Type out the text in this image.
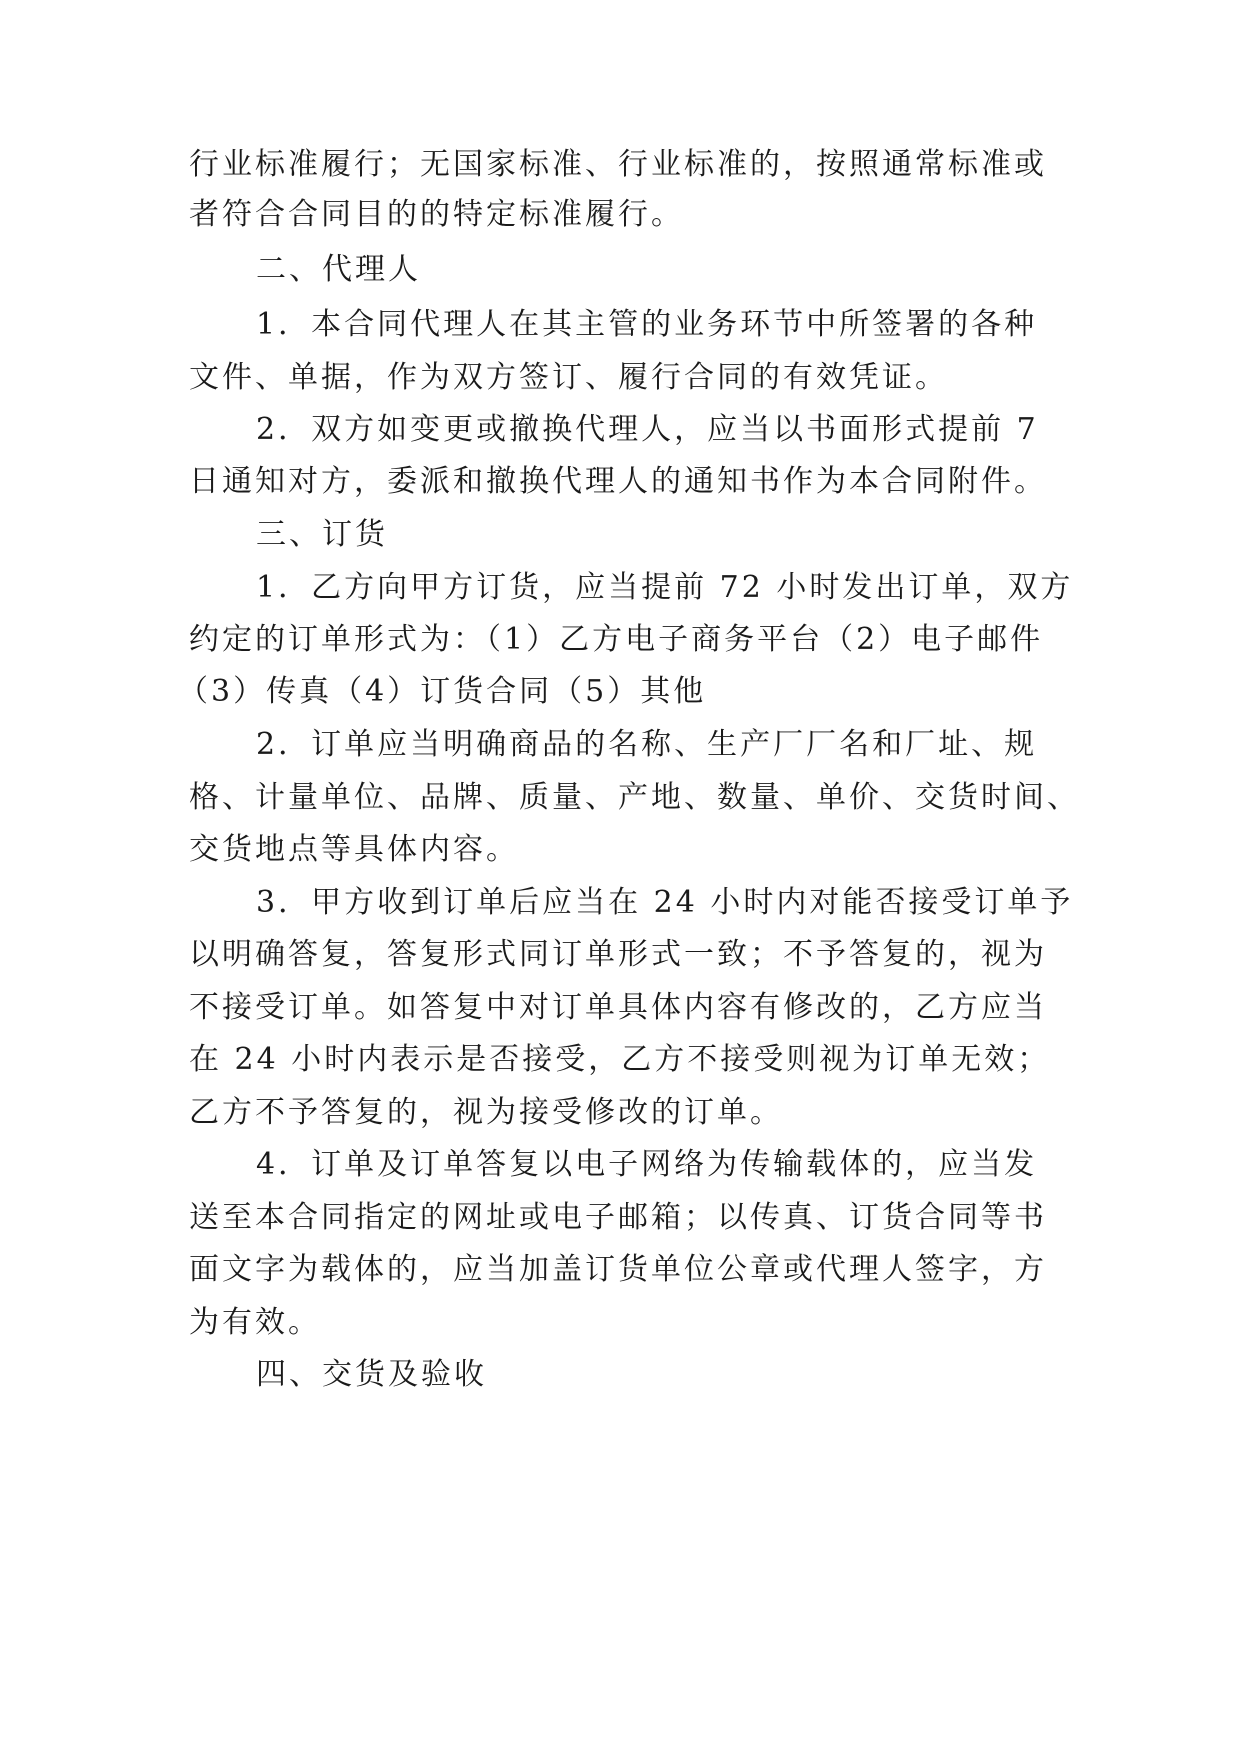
行业标准履行；无国家标准、行业标准的，按照通常标准或
者符合合同目的的特定标准履行。
二、代理人
1．本合同代理人在其主管的业务环节中所签署的各种
文件、单据，作为双方签订、履行合同的有效凭证。
2．双方如变更或撤换代理人，应当以书面形式提前 7
日通知对方，委派和撤换代理人的通知书作为本合同附件。
三、订货
1．乙方向甲方订货，应当提前 72 小时发出订单，双方
约定的订单形式为：（1）乙方电子商务平台（2）电子邮件
（3）传真（4）订货合同（5）其他
2．订单应当明确商品的名称、生产厂厂名和厂址、规
格、计量单位、品牌、质量、产地、数量、单价、交货时间、
交货地点等具体内容。
3．甲方收到订单后应当在 24 小时内对能否接受订单予
以明确答复，答复形式同订单形式一致；不予答复的，视为
不接受订单。如答复中对订单具体内容有修改的，乙方应当
在 24 小时内表示是否接受，乙方不接受则视为订单无效；
乙方不予答复的，视为接受修改的订单。
4．订单及订单答复以电子网络为传输载体的，应当发
送至本合同指定的网址或电子邮箱；以传真、订货合同等书
面文字为载体的，应当加盖订货单位公章或代理人签字，方
为有效。
四、交货及验收
